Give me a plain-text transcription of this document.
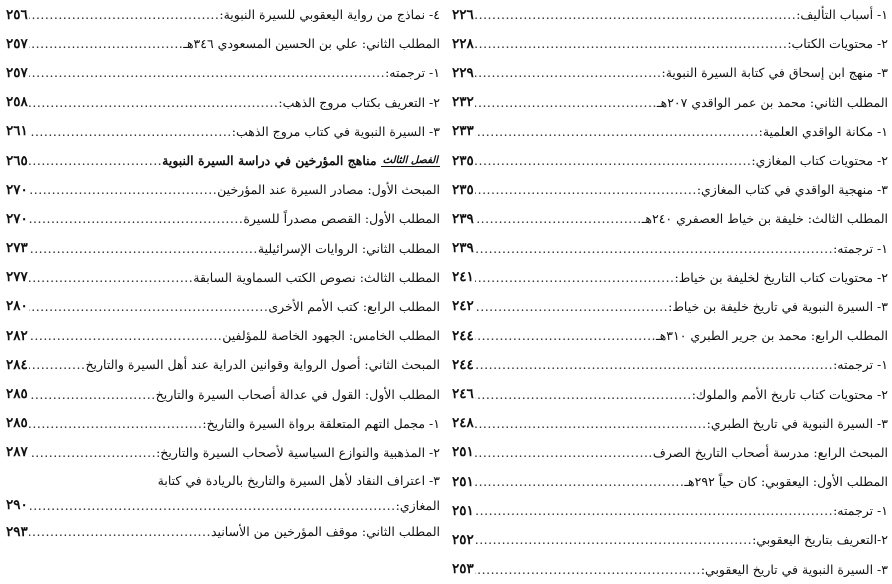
١- أسباب التأليف:
.....
٢٢٦
٢- محتويات الكتاب:
.....
٢٢٨
٣- منهج ابن إسحاق في كتابة السيرة النبوية:
.....
٢٢٩
المطلب الثاني: محمد بن عمر الواقدي ٢٠٧هـ
.....
٢٣٢
١- مكانة الواقدي العلمية:
.....
٢٣٣
٢- محتويات كتاب المغازي:
.....
٢٣٥
٣- منهجية الواقدي في كتاب المغازي:
.....
٢٣٥
المطلب الثالث: خليفة بن خياط العصفري ٢٤٠هـ
.....
٢٣٩
١- ترجمته:
.....
٢٣٩
٢- محتويات كتاب التاريخ لخليفة بن خياط:
.....
٢٤١
٣- السيرة النبوية في تاريخ خليفة بن خياط:
.....
٢٤٢
المطلب الرابع: محمد بن جرير الطبري ٣١٠هـ
.....
٢٤٤
١- ترجمته:
.....
٢٤٤
٢- محتويات كتاب تاريخ الأمم والملوك:
.....
٢٤٦
٣- السيرة النبوية في تاريخ الطبري:
.....
٢٤٨
المبحث الرابع: مدرسة أصحاب التاريخ الصرف
.....
٢٥١
المطلب الأول: اليعقوبي: كان حياً ٢٩٢هـ
.....
٢٥١
١- ترجمته:
.....
٢٥١
٢-التعريف بتاريخ اليعقوبي:
.....
٢٥٢
٣- السيرة النبوية في تاريخ اليعقوبي:
.....
٢٥٣
٤- نماذج من رواية اليعقوبي للسيرة النبوية:
.....
٢٥٦
المطلب الثاني: علي بن الحسين المسعودي ٣٤٦هـ
.....
٢٥٧
١- ترجمته:
.....
٢٥٧
٢- التعريف بكتاب مروج الذهب:
.....
٢٥٨
٣- السيرة النبوية في كتاب مروج الذهب:
.....
٢٦١
الفصل الثالث
مناهج المؤرخين في دراسة السيرة النبوية
.....
٢٦٥
المبحث الأول: مصادر السيرة عند المؤرخين
.....
٢٧٠
المطلب الأول: القصص مصدراً للسيرة
.....
٢٧٠
المطلب الثاني: الروايات الإسرائيلية
.....
٢٧٣
المطلب الثالث: نصوص الكتب السماوية السابقة
.....
٢٧٧
المطلب الرابع: كتب الأمم الأخرى
.....
٢٨٠
المطلب الخامس: الجهود الخاصة للمؤلفين
.....
٢٨٢
المبحث الثاني: أصول الرواية وقوانين الدراية عند أهل السيرة والتاريخ
.....
٢٨٤
المطلب الأول: القول في عدالة أصحاب السيرة والتاريخ
.....
٢٨٥
١- مجمل التهم المتعلقة برواة السيرة والتاريخ:
.....
٢٨٥
٢- المذهبية والنوازع السياسية لأصحاب السيرة والتاريخ:
.....
٢٨٧
٣- اعتراف النقاد لأهل السيرة والتاريخ بالريادة في كتابة
المغازي:
.....
٢٩٠
المطلب الثاني: موقف المؤرخين من الأسانيد
.....
٢٩٣
